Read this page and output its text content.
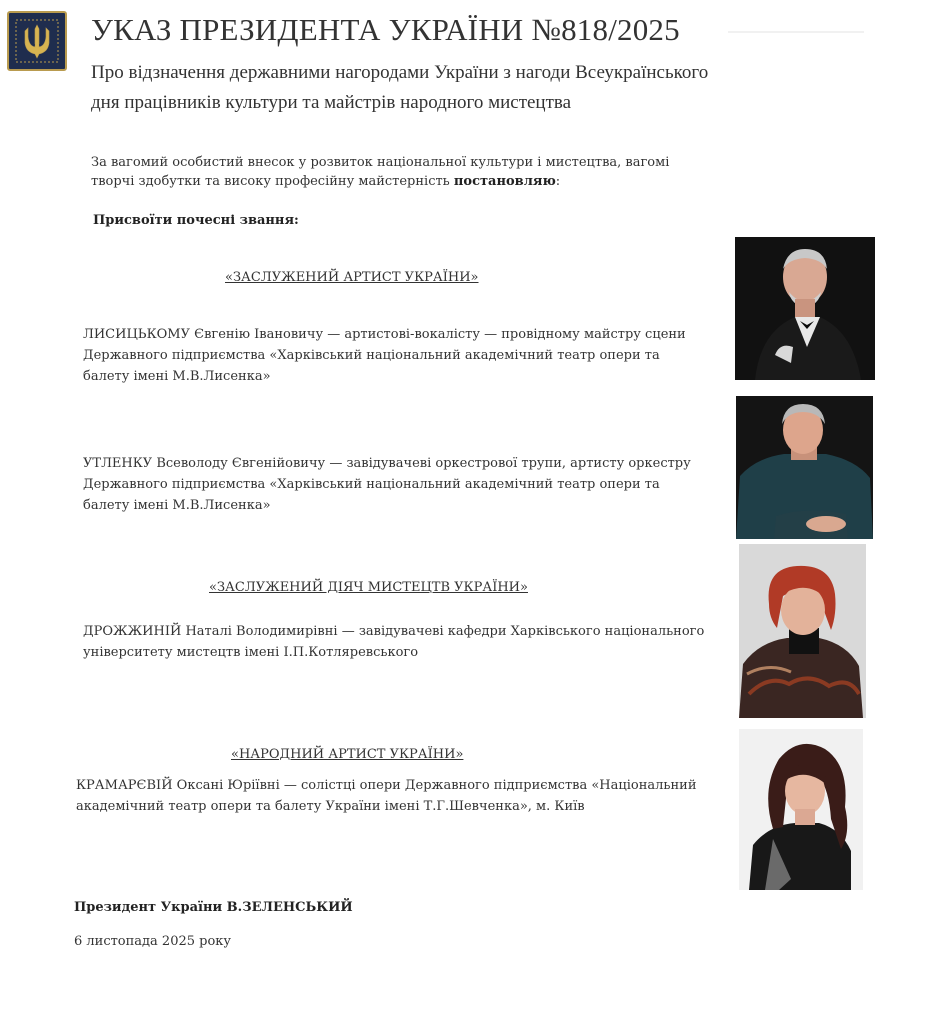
УКАЗ ПРЕЗИДЕНТА УКРАЇНИ №818/2025

Про відзначення державними нагородами України з нагоди Всеукраїнського дня працівників культури та майстрів народного мистецтва

За вагомий особистий внесок у розвиток національної культури і мистецтва, вагомі творчі здобутки та високу професійну майстерність постановляю:
Присвоїти почесні звання:
«ЗАСЛУЖЕНИЙ АРТИСТ УКРАЇНИ»
ЛИСИЦЬКОМУ Євгенію Івановичу — артистові-вокалісту — провідному майстру сцени Державного підприємства «Харківський національний академічний театр опери та балету імені М.В.Лисенка»
УТЛЕНКУ Всеволоду Євгенійовичу — завідувачеві оркестрової трупи, артисту оркестру Державного підприємства «Харківський національний академічний театр опери та балету імені М.В.Лисенка»
«ЗАСЛУЖЕНИЙ ДІЯЧ МИСТЕЦТВ УКРАЇНИ»
ДРОЖЖИНІЙ Наталі Володимирівні — завідувачеві кафедри Харківського національного університету мистецтв імені І.П.Котляревського
«НАРОДНИЙ АРТИСТ УКРАЇНИ»
КРАМАРЄВІЙ Оксані Юріївні — солістці опери Державного підприємства «Національний академічний театр опери та балету України імені Т.Г.Шевченка», м. Київ
Президент України В.ЗЕЛЕНСЬКИЙ
6 листопада 2025 року
